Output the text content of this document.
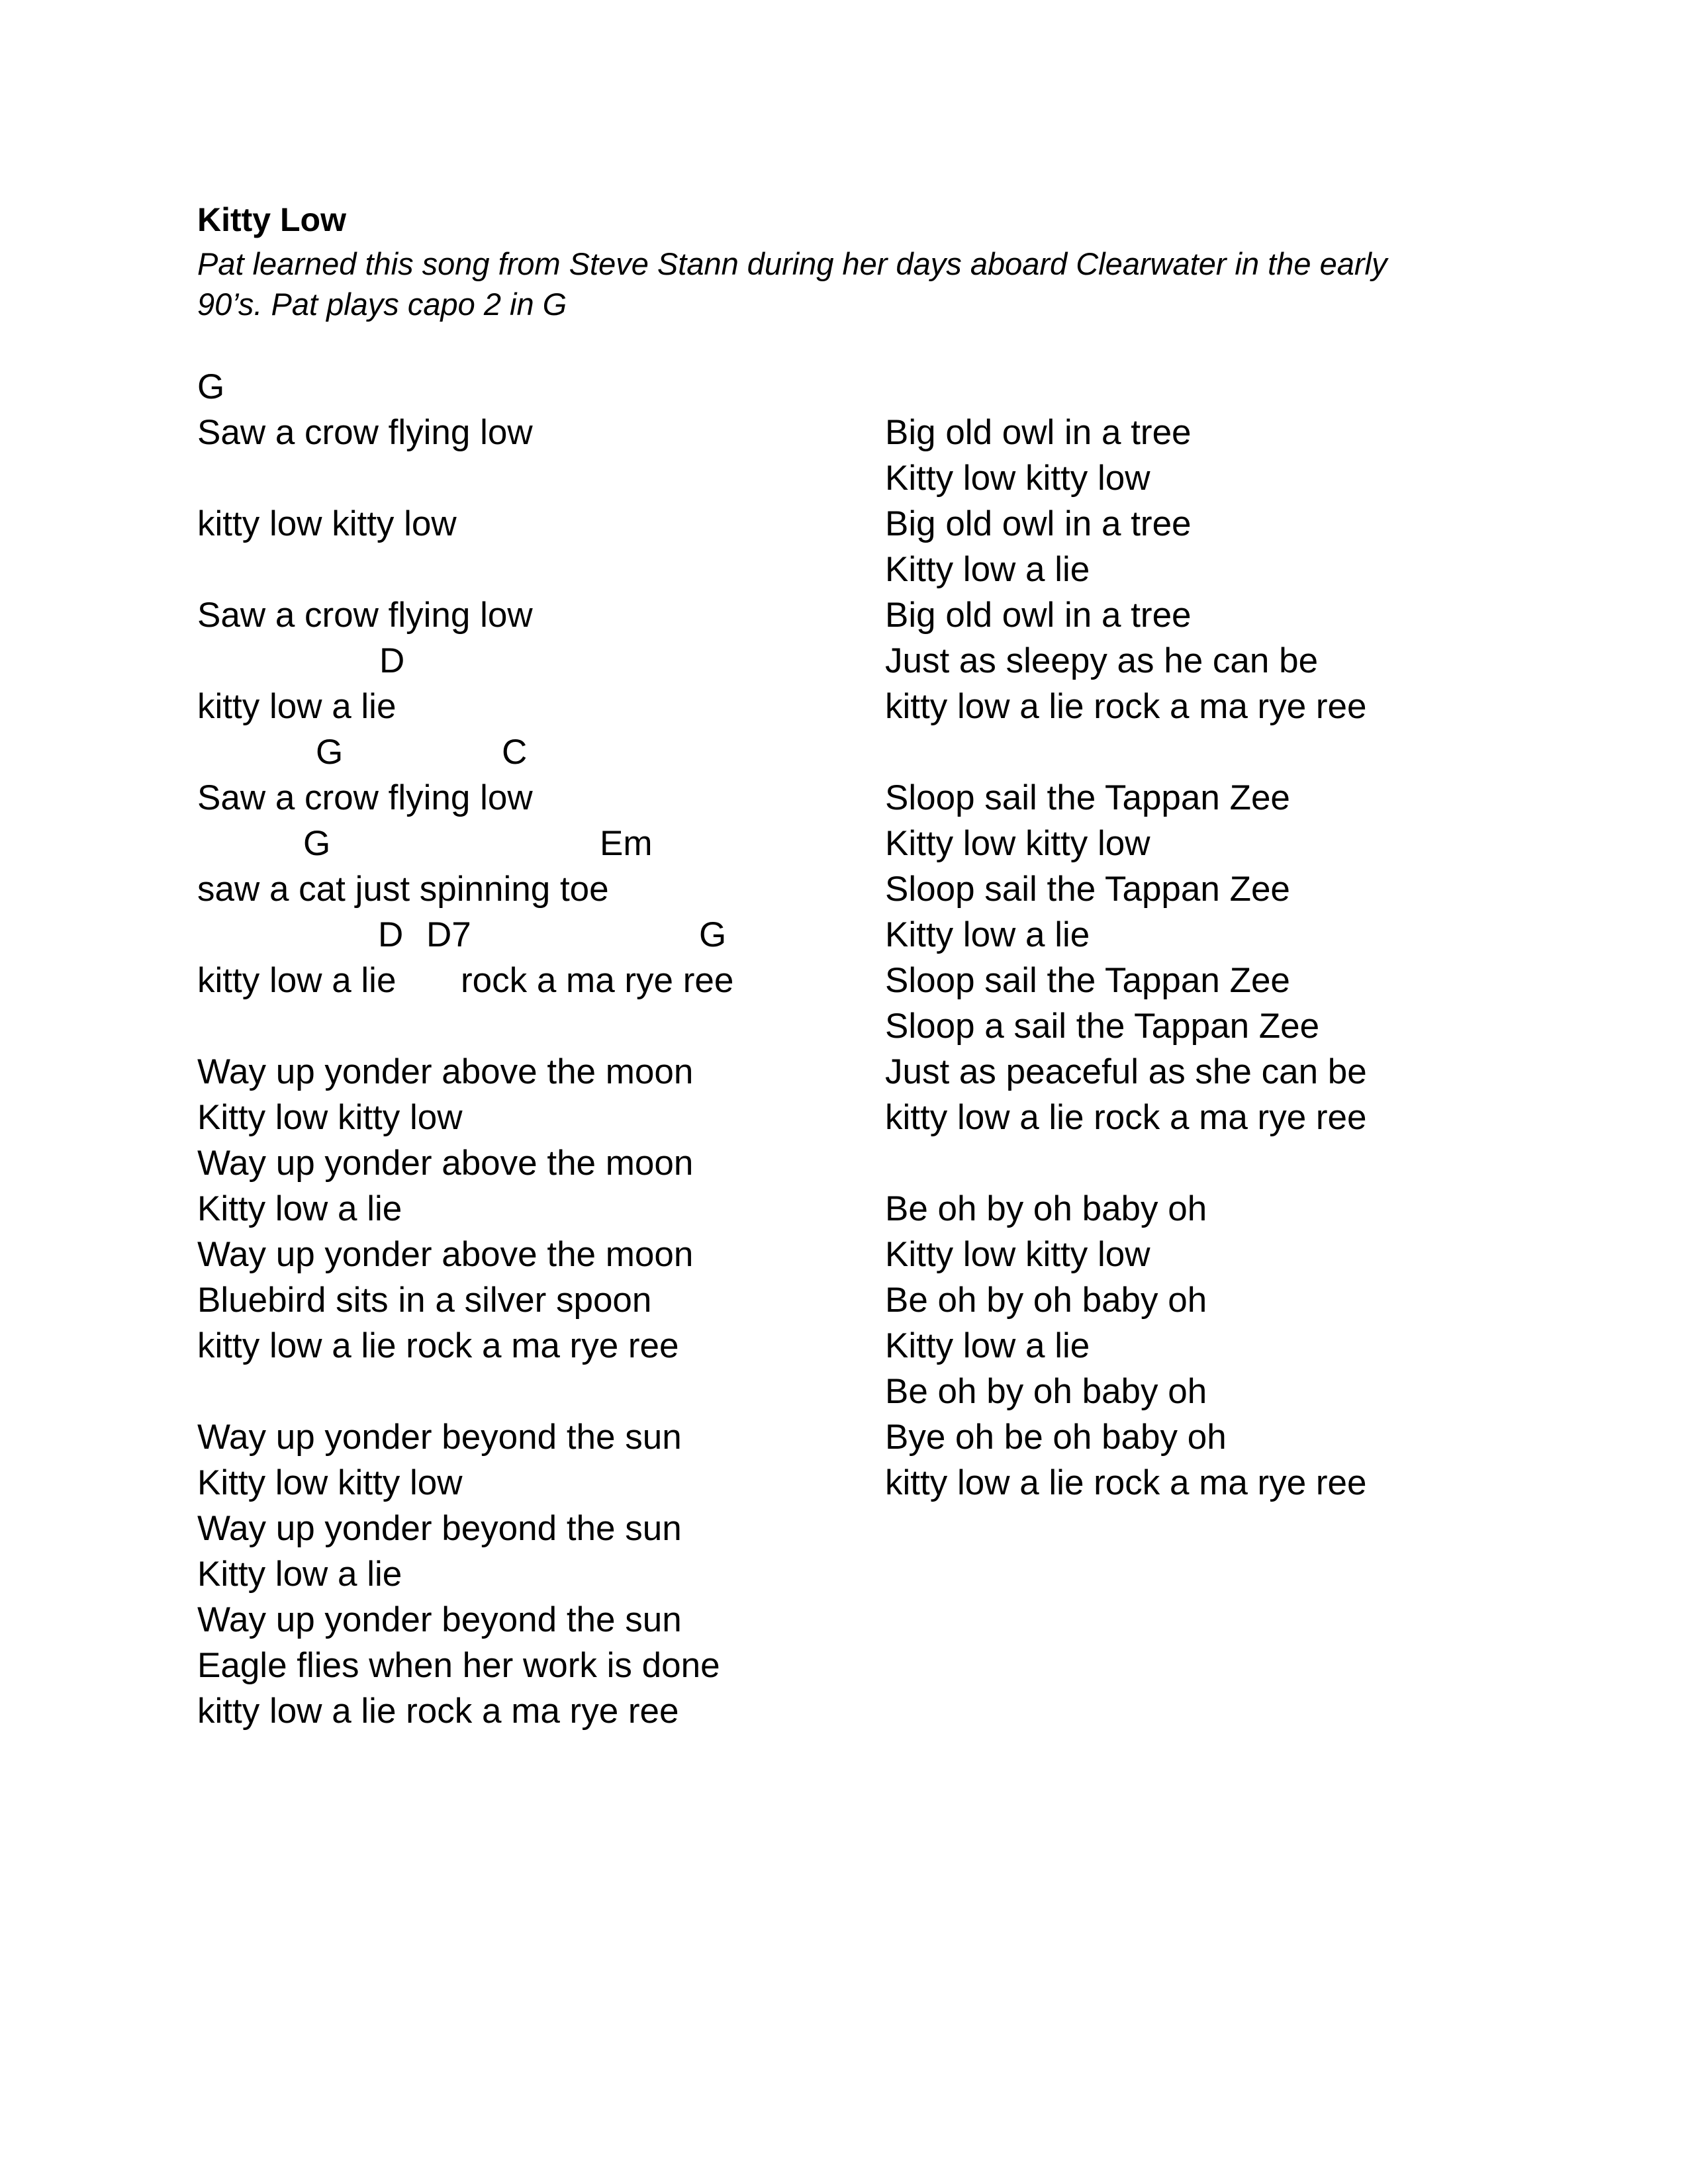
Kitty Low
Pat learned this song from Steve Stann during her days aboard Clearwater in the early
90’s. Pat plays capo 2 in G
G
Saw a crow flying low
kitty low kitty low
Saw a crow flying low
D
kitty low a lie
G	C
Saw a crow flying low
G	Em
saw a cat just spinning toe
D D7	G
kitty low a lie rock a ma rye ree
Way up yonder above the moon
Kitty low kitty low
Way up yonder above the moon
Kitty low a lie
Way up yonder above the moon
Bluebird sits in a silver spoon
kitty low a lie rock a ma rye ree
Way up yonder beyond the sun
Kitty low kitty low
Way up yonder beyond the sun
Kitty low a lie
Way up yonder beyond the sun
Eagle flies when her work is done
kitty low a lie rock a ma rye ree
Big old owl in a tree
Kitty low kitty low
Big old owl in a tree
Kitty low a lie
Big old owl in a tree
Just as sleepy as he can be
kitty low a lie rock a ma rye ree
Sloop sail the Tappan Zee
Kitty low kitty low
Sloop sail the Tappan Zee
Kitty low a lie
Sloop sail the Tappan Zee
Sloop a sail the Tappan Zee
Just as peaceful as she can be
kitty low a lie rock a ma rye ree
Be oh by oh baby oh
Kitty low kitty low
Be oh by oh baby oh
Kitty low a lie
Be oh by oh baby oh
Bye oh be oh baby oh
kitty low a lie rock a ma rye ree
